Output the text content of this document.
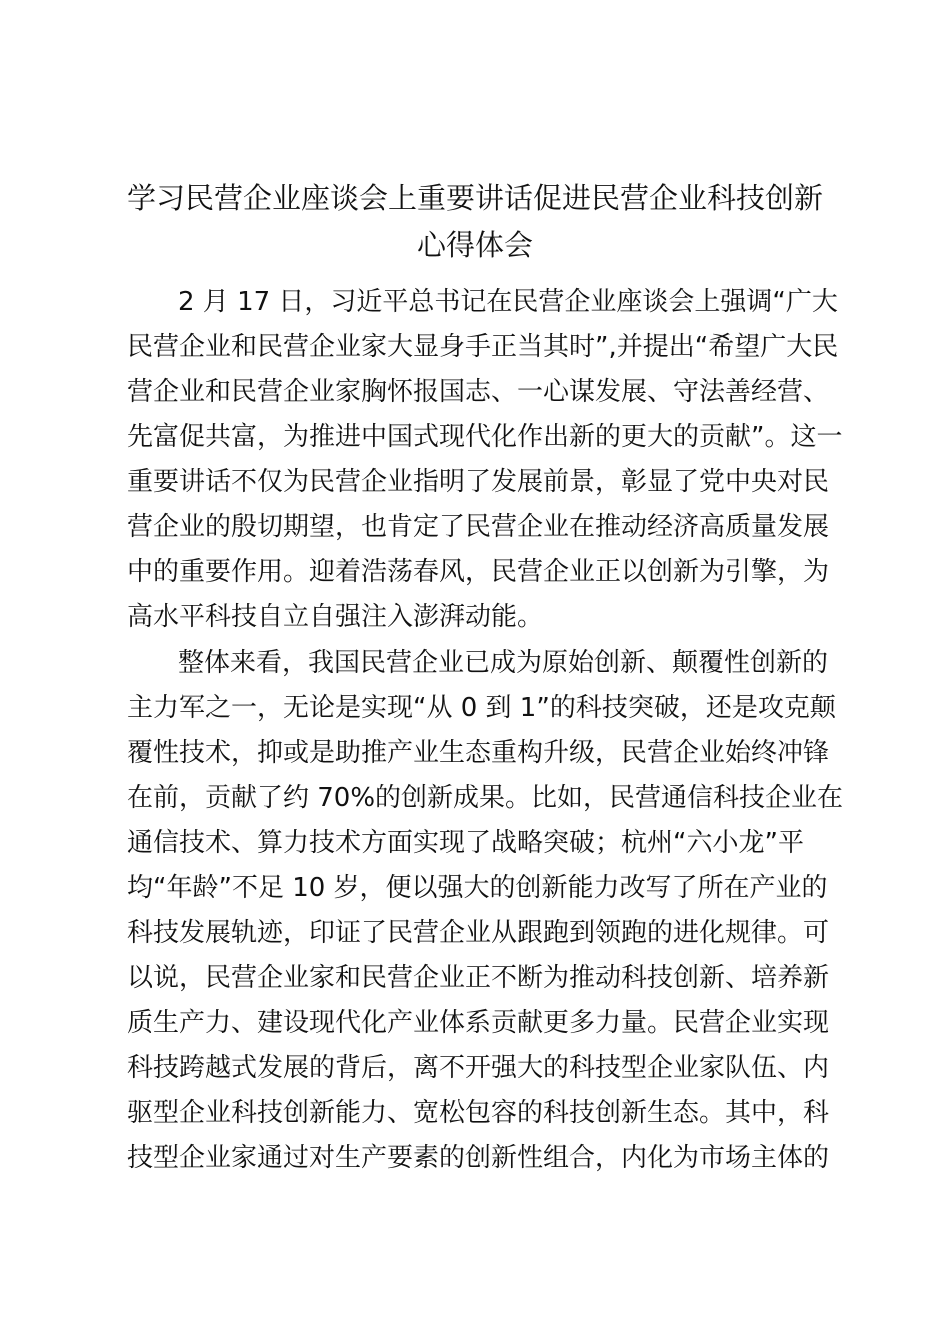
学习民营企业座谈会上重要讲话促进民营企业科技创新
心得体会
2 月 17 日，习近平总书记在民营企业座谈会上强调“广大
民营企业和民营企业家大显身手正当其时”,并提出“希望广大民
营企业和民营企业家胸怀报国志、一心谋发展、守法善经营、
先富促共富，为推进中国式现代化作出新的更大的贡献”。这一
重要讲话不仅为民营企业指明了发展前景，彰显了党中央对民
营企业的殷切期望，也肯定了民营企业在推动经济高质量发展
中的重要作用。迎着浩荡春风，民营企业正以创新为引擎，为
高水平科技自立自强注入澎湃动能。
整体来看，我国民营企业已成为原始创新、颠覆性创新的
主力军之一，无论是实现“从 0 到 1”的科技突破，还是攻克颠
覆性技术，抑或是助推产业生态重构升级，民营企业始终冲锋
在前，贡献了约 70%的创新成果。比如，民营通信科技企业在
通信技术、算力技术方面实现了战略突破；杭州“六小龙”平
均“年龄”不足 10 岁，便以强大的创新能力改写了所在产业的
科技发展轨迹，印证了民营企业从跟跑到领跑的进化规律。可
以说，民营企业家和民营企业正不断为推动科技创新、培养新
质生产力、建设现代化产业体系贡献更多力量。民营企业实现
科技跨越式发展的背后，离不开强大的科技型企业家队伍、内
驱型企业科技创新能力、宽松包容的科技创新生态。其中，科
技型企业家通过对生产要素的创新性组合，内化为市场主体的
